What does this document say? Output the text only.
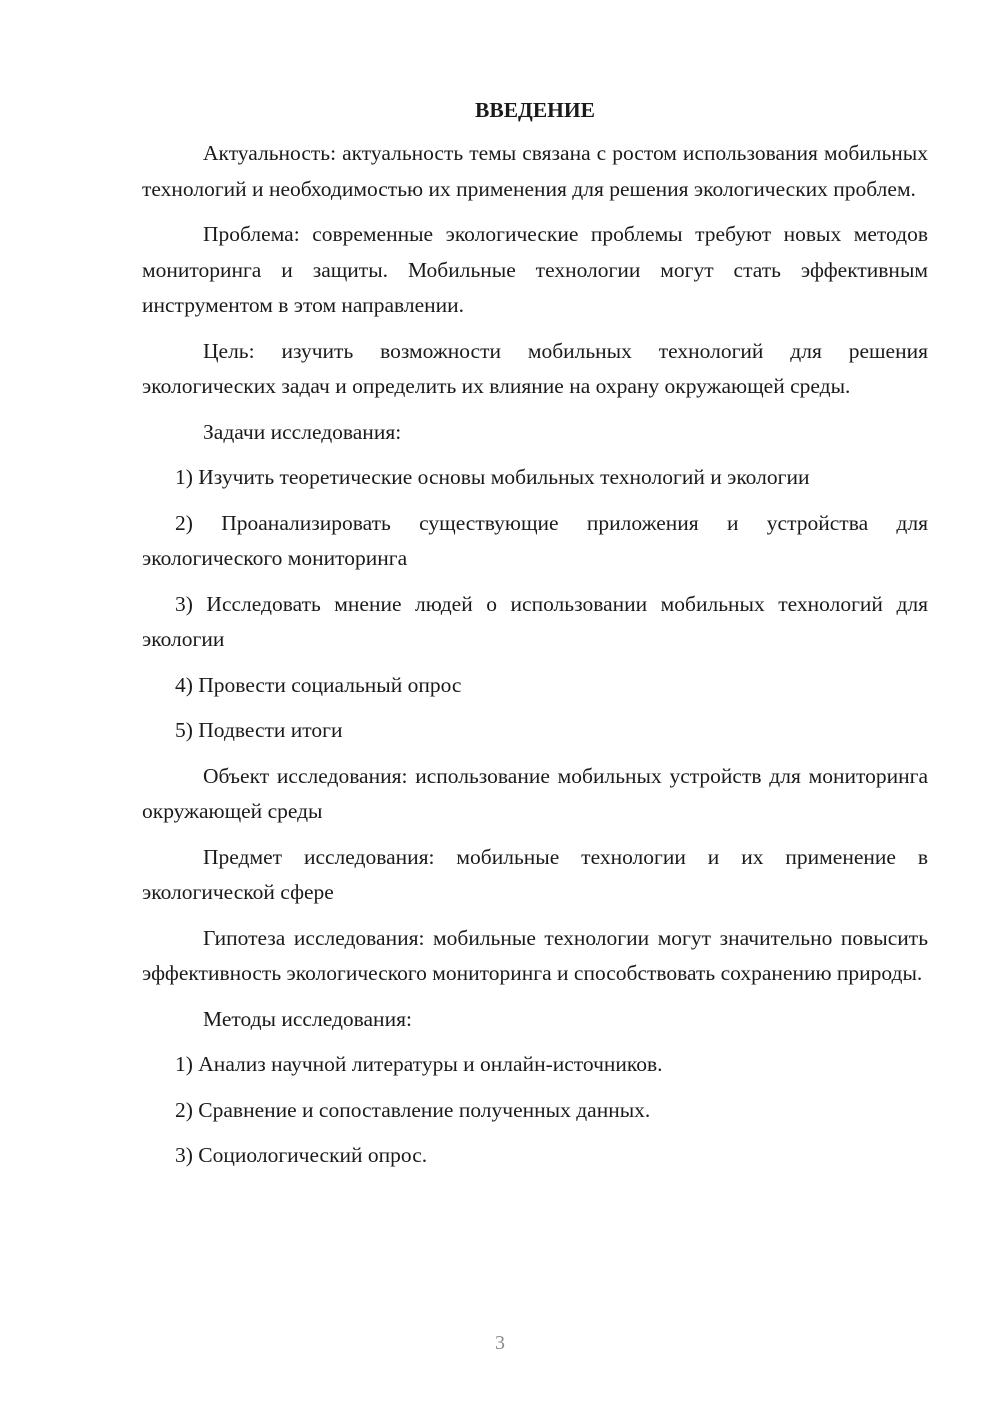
ВВЕДЕНИЕ

Актуальность: актуальность темы связана с ростом использования мобильных технологий и необходимостью их применения для решения экологических проблем.

Проблема: современные экологические проблемы требуют новых методов мониторинга и защиты. Мобильные технологии могут стать эффективным инструментом в этом направлении.

Цель: изучить возможности мобильных технологий для решения экологических задач и определить их влияние на охрану окружающей среды.

Задачи исследования:

1) Изучить теоретические основы мобильных технологий и экологии

2) Проанализировать существующие приложения и устройства для экологического мониторинга

3) Исследовать мнение людей о использовании мобильных технологий для экологии

4) Провести социальный опрос

5) Подвести итоги

Объект исследования: использование мобильных устройств для мониторинга окружающей среды

Предмет исследования: мобильные технологии и их применение в экологической сфере

Гипотеза исследования: мобильные технологии могут значительно повысить эффективность экологического мониторинга и способствовать сохранению природы.

Методы исследования:

1) Анализ научной литературы и онлайн-источников.

2) Сравнение и сопоставление полученных данных.

3) Социологический опрос.

3
